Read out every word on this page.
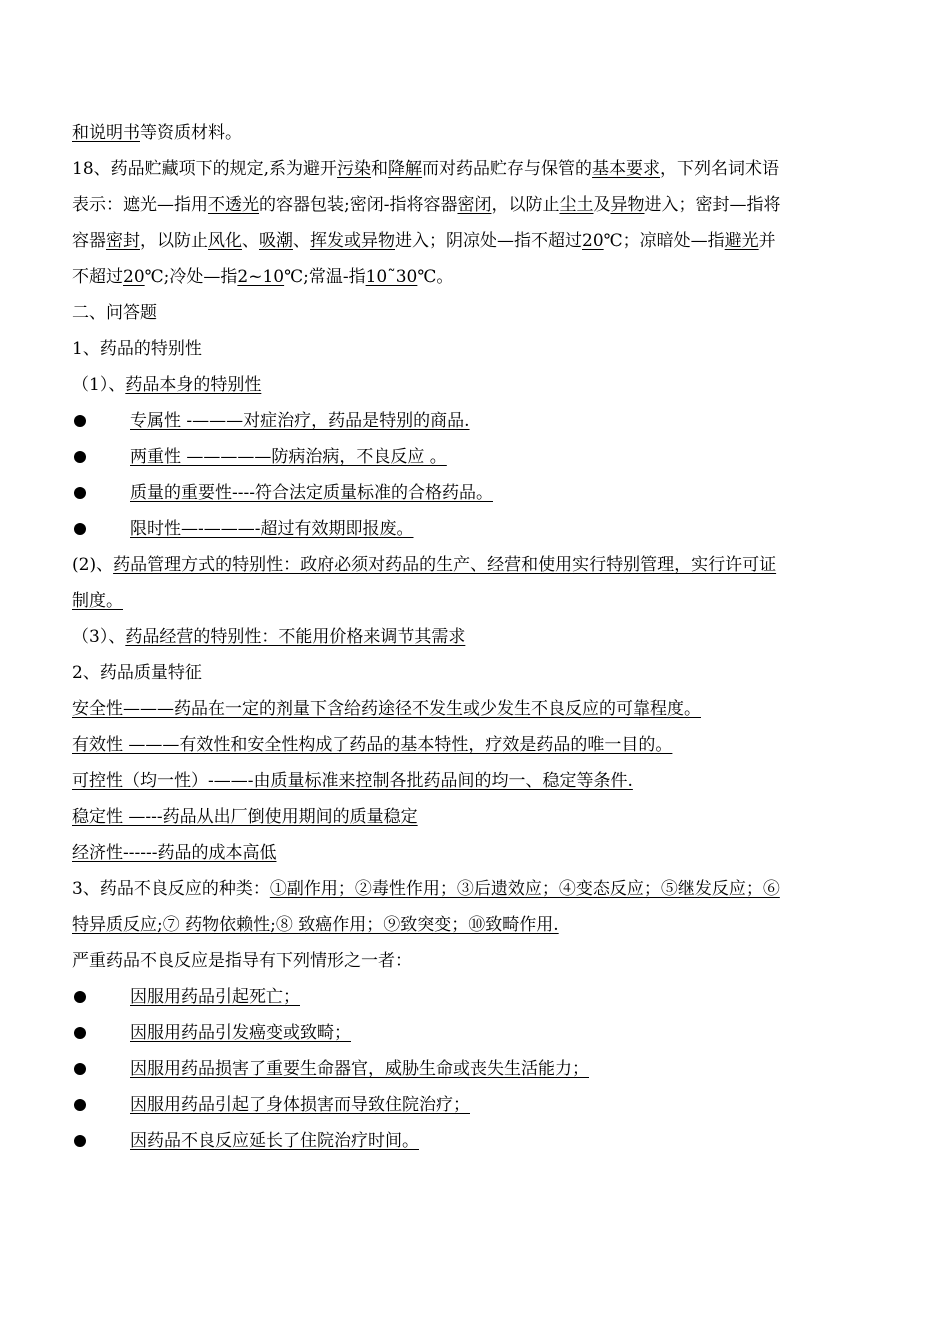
和说明书等资质材料。
18、药品贮藏项下的规定,系为避开污染和降解而对药品贮存与保管的基本要求，下列名词术语
表示：遮光—指用不透光的容器包装;密闭-指将容器密闭，以防止尘土及异物进入；密封—指将
容器密封，以防止风化、吸潮、挥发或异物进入；阴凉处—指不超过20℃；凉暗处—指避光并
不超过20℃;冷处—指2~10℃;常温-指10˜30℃。
二、问答题
1、药品的特别性
（1）、药品本身的特别性
专属性 -———对症治疗，药品是特别的商品.
两重性 —————防病治病，不良反应 。
质量的重要性----符合法定质量标准的合格药品。
限时性—-———-超过有效期即报废。
(2)、药品管理方式的特别性：政府必须对药品的生产、经营和使用实行特别管理，实行许可证
制度。
（3）、药品经营的特别性：不能用价格来调节其需求
2、药品质量特征
安全性———药品在一定的剂量下含给药途径不发生或少发生不良反应的可靠程度。
有效性 ———有效性和安全性构成了药品的基本特性，疗效是药品的唯一目的。
可控性（均一性）-——-由质量标准来控制各批药品间的均一、稳定等条件.
稳定性 —---药品从出厂倒使用期间的质量稳定
经济性------药品的成本高低
3、药品不良反应的种类：①副作用；②毒性作用；③后遗效应；④变态反应；⑤继发反应；⑥
特异质反应;⑦ 药物依赖性;⑧ 致癌作用；⑨致突变；⑩致畸作用.
严重药品不良反应是指导有下列情形之一者：
因服用药品引起死亡；
因服用药品引发癌变或致畸；
因服用药品损害了重要生命器官，威胁生命或丧失生活能力；
因服用药品引起了身体损害而导致住院治疗；
因药品不良反应延长了住院治疗时间。
